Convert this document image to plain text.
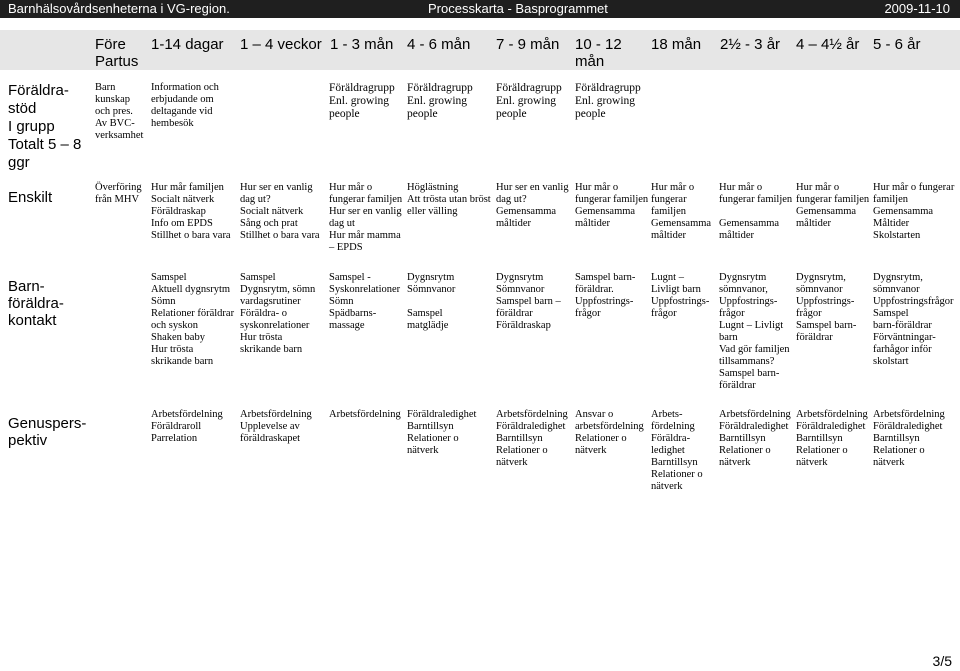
Barnhälsovårdsenheterna i VG-region.	Processkarta - Basprogrammet	2009-11-10
Före
Partus
1-14 dagar 1 – 4 veckor 1 - 3 mån 4 - 6 mån 7 - 9 mån 10 - 12
mån
18 mån 2½ - 3 år 4 – 4½ år 5 - 6 år
Föräldra-
stöd
I grupp
Totalt 5 – 8
ggr
Barn
kunskap
och pres.
Av BVC-
verksamhet
Information och
erbjudande om
deltagande vid
hembesök
Föräldragrupp
Enl. growing
people
Föräldragrupp
Enl. growing
people
Föräldragrupp
Enl. growing
people
Föräldragrupp
Enl. growing
people
Enskilt
Överföring
från MHV
Hur mår familjen
Socialt nätverk
Föräldraskap
Info om EPDS
Stillhet o bara vara
Hur ser en vanlig
dag ut?
Socialt nätverk
Sång och prat
Stillhet o bara vara
Hur mår o
fungerar familjen
Hur ser en vanlig
dag ut
Hur mår mamma
– EPDS
Höglästning
Att trösta utan bröst
eller välling
Hur ser en vanlig
dag ut?
Gemensamma
måltider
Hur mår o
fungerar familjen
Gemensamma
måltider
Hur mår o
fungerar
familjen
Gemensamma
måltider
Hur mår o
fungerar familjen

Gemensamma
måltider
Hur mår o
fungerar familjen
Gemensamma
måltider
Hur mår o fungerar
familjen
Gemensamma
Måltider
Skolstarten
Barn-
föräldra-
kontakt
Samspel
Aktuell dygnsrytm
Sömn
Relationer föräldrar
och syskon
Shaken baby
Hur trösta
skrikande barn
Samspel
Dygnsrytm, sömn
vardagsrutiner
Föräldra- o
syskonrelationer
Hur trösta
skrikande barn
Samspel -
Syskonrelationer
Sömn
Spädbarns-
massage
Dygnsrytm
Sömnvanor

Samspel
matglädje
Dygnsrytm
Sömnvanor
Samspel barn –
föräldrar
Föräldraskap
Samspel barn-
föräldrar.
Uppfostrings-
frågor
Lugnt –
Livligt barn
Uppfostrings-
frågor
Dygnsrytm
sömnvanor,
Uppfostrings-
frågor
Lugnt – Livligt
barn
Vad gör familjen
tillsammans?
Samspel barn-
föräldrar
Dygnsrytm,
sömnvanor
Uppfostrings-
frågor
Samspel barn-
föräldrar
Dygnsrytm,
sömnvanor
Uppfostringsfrågor
Samspel
barn-föräldrar
Förväntningar-
farhågor inför
skolstart
Genuspers-
pektiv
Arbetsfördelning
Föräldraroll
Parrelation
Arbetsfördelning
Upplevelse av
föräldraskapet
Arbetsfördelning Föräldraledighet
Barntillsyn
Relationer o
nätverk
Arbetsfördelning
Föräldraledighet
Barntillsyn
Relationer o
nätverk
Ansvar o
arbetsfördelning
Relationer o
nätverk
Arbets-
fördelning
Föräldra-
ledighet
Barntillsyn
Relationer o
nätverk
Arbetsfördelning
Föräldraledighet
Barntillsyn
Relationer o
nätverk
Arbetsfördelning
Föräldraledighet
Barntillsyn
Relationer o
nätverk
Arbetsfördelning
Föräldraledighet
Barntillsyn
Relationer o
nätverk
3/5
